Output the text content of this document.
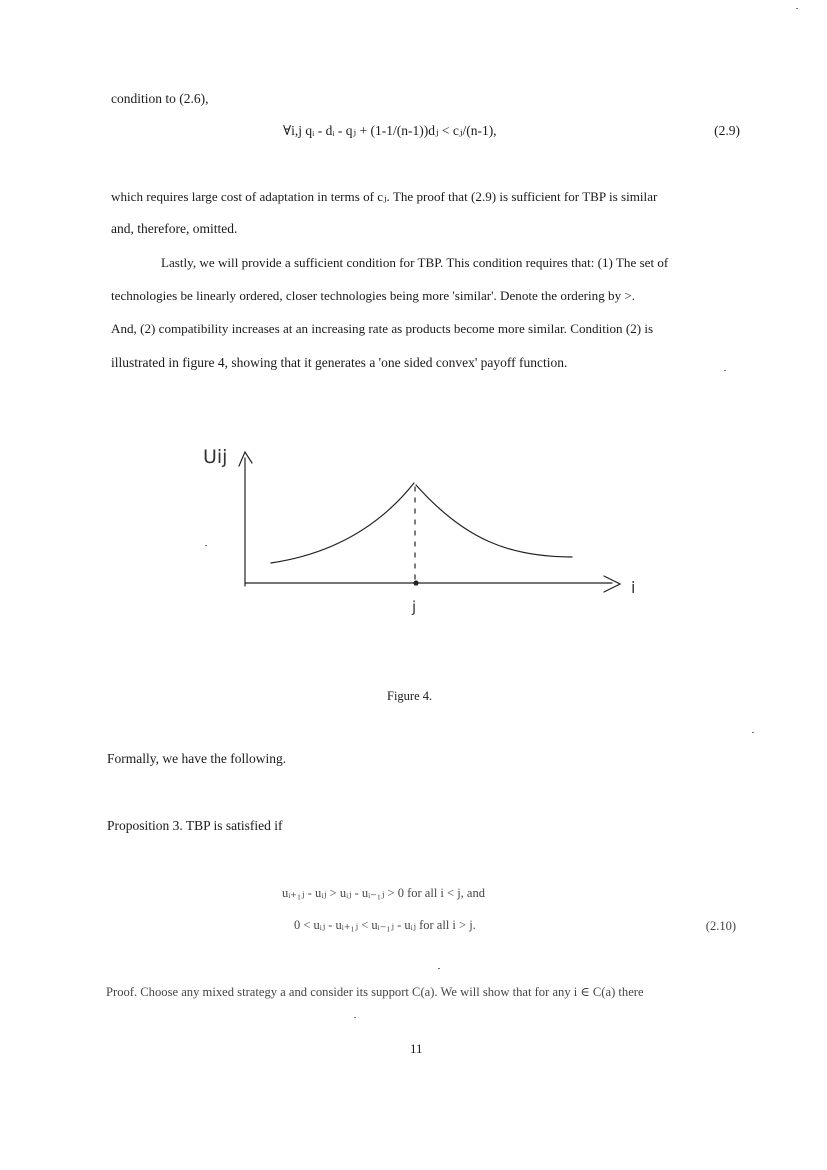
condition to (2.6),
∀i,j qᵢ - dᵢ - qⱼ + (1-1/(n-1))dⱼ < cⱼ/(n-1),	(2.9)
which requires large cost of adaptation in terms of cⱼ. The proof that (2.9) is sufficient for TBP is similar
and, therefore, omitted.
Lastly, we will provide a sufficient condition for TBP. This condition requires that: (1) The set of
technologies be linearly ordered, closer technologies being more 'similar'. Denote the ordering by >.
And, (2) compatibility increases at an increasing rate as products become more similar. Condition (2) is
illustrated in figure 4, showing that it generates a 'one sided convex' payoff function.
Uij
i
j
Figure 4.
Formally, we have the following.
Proposition 3. TBP is satisfied if
uᵢ₊₁ⱼ - uᵢⱼ > uᵢⱼ - uᵢ₋₁ⱼ > 0 for all i < j, and
0 < uᵢⱼ - uᵢ₊₁ⱼ < uᵢ₋₁ⱼ - uᵢⱼ for all i > j.	(2.10)
Proof. Choose any mixed strategy a and consider its support C(a). We will show that for any i ∈ C(a) there
11
